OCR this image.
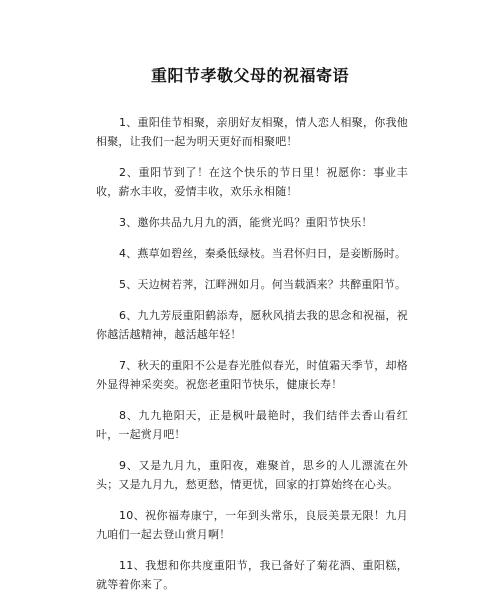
重阳节孝敬父母的祝福寄语

1、重阳佳节相聚，亲朋好友相聚，情人恋人相聚，你我他相聚，让我们一起为明天更好而相聚吧！

2、重阳节到了！在这个快乐的节日里！祝愿你：事业丰收，薪水丰收，爱情丰收，欢乐永相随！

3、邀你共品九月九的酒，能赏光吗？重阳节快乐！

4、燕草如碧丝，秦桑低绿枝。当君怀归日，是妾断肠时。

5、天边树若荠，江畔洲如月。何当载酒来？共醉重阳节。

6、九九芳辰重阳鹤添寿，愿秋风捎去我的思念和祝福，祝你越活越精神，越活越年轻！

7、秋天的重阳不公是春光胜似春光，时值霜天季节，却格外显得神采奕奕。祝您老重阳节快乐，健康长寿！

8、九九艳阳天，正是枫叶最艳时，我们结伴去香山看红叶，一起赏月吧！

9、又是九月九，重阳夜，难聚首，思乡的人儿漂流在外头；又是九月九，愁更愁，情更忧，回家的打算始终在心头。

10、祝你福寿康宁，一年到头常乐，良辰美景无限！九月九咱们一起去登山赏月啊！

11、我想和你共度重阳节，我已备好了菊花酒、重阳糕，就等着你来了。
